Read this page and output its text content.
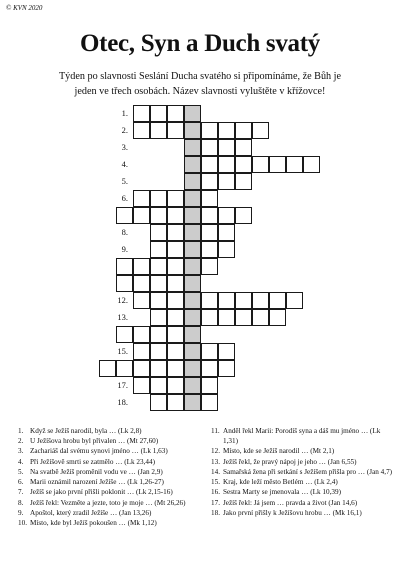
© KVN 2020
Otec, Syn a Duch svatý
Týden po slavnosti Seslání Ducha svatého si připomínáme, že Bůh je jeden ve třech osobách. Název slavnosti vyluštěte v křížovce!
1.
2.
3.
4.
5.
6.
8.
9.
12.
13.
15.
17.
18.
1. Když se Ježíš narodil, byla … (Lk 2,8)
2. U Ježíšova hrobu byl přivalen … (Mt 27,60)
3. Zachariáš dal svému synovi jméno … (Lk 1,63)
4. Při Ježíšově smrti se zatmělo … (Lk 23,44)
5. Na svatbě Ježíš proměnil vodu ve … (Jan 2,9)
6. Marii oznámil narození Ježíše … (Lk 1,26-27)
7. Ježíš se jako první přišli poklonit … (Lk 2,15-16)
8. Ježíš řekl: Vezměte a jezte, toto je moje … (Mt 26,26)
9. Apoštol, který zradil Ježíše … (Jan 13,26)
10. Místo, kde byl Ježíš pokoušen … (Mk 1,12)
11. Anděl řekl Marii: Porodíš syna a dáš mu jméno … (Lk 1,31)
12. Místo, kde se Ježíš narodil … (Mt 2,1)
13. Ježíš řekl, že pravý nápoj je jeho … (Jan 6,55)
14. Samařská žena při setkání s Ježíšem přišla pro … (Jan 4,7)
15. Kraj, kde leží město Betlém … (Lk 2,4)
16. Sestra Marty se jmenovala … (Lk 10,39)
17. Ježíš řekl: Já jsem … pravda a život (Jan 14,6)
18. Jako první přišly k Ježíšovu hrobu … (Mk 16,1)
